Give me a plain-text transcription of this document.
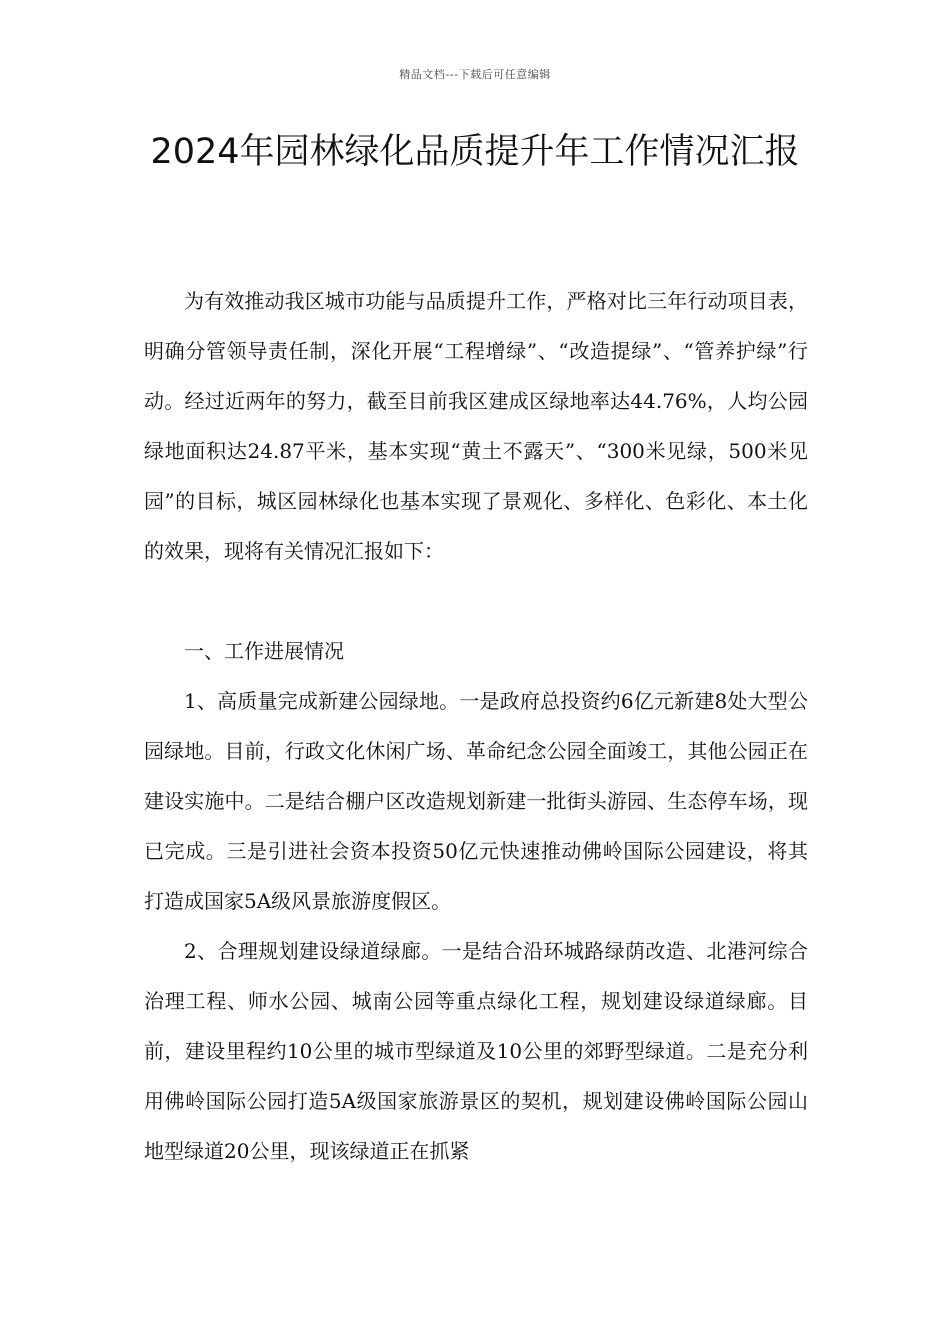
精品文档---下载后可任意编辑
2024年园林绿化品质提升年工作情况汇报

为有效推动我区城市功能与品质提升工作，严格对比三年行动项目表，明确分管领导责任制，深化开展“工程增绿”、“改造提绿”、“管养护绿”行动。经过近两年的努力，截至目前我区建成区绿地率达44.76%，人均公园绿地面积达24.87平米，基本实现“黄土不露天”、“300米见绿，500米见园”的目标，城区园林绿化也基本实现了景观化、多样化、色彩化、本土化的效果，现将有关情况汇报如下：

一、工作进展情况

1、高质量完成新建公园绿地。一是政府总投资约6亿元新建8处大型公园绿地。目前，行政文化休闲广场、革命纪念公园全面竣工，其他公园正在建设实施中。二是结合棚户区改造规划新建一批街头游园、生态停车场，现已完成。三是引进社会资本投资50亿元快速推动佛岭国际公园建设，将其打造成国家5A级风景旅游度假区。

2、合理规划建设绿道绿廊。一是结合沿环城路绿荫改造、北港河综合治理工程、师水公园、城南公园等重点绿化工程，规划建设绿道绿廊。目前，建设里程约10公里的城市型绿道及10公里的郊野型绿道。二是充分利用佛岭国际公园打造5A级国家旅游景区的契机，规划建设佛岭国际公园山地型绿道20公里，现该绿道正在抓紧
